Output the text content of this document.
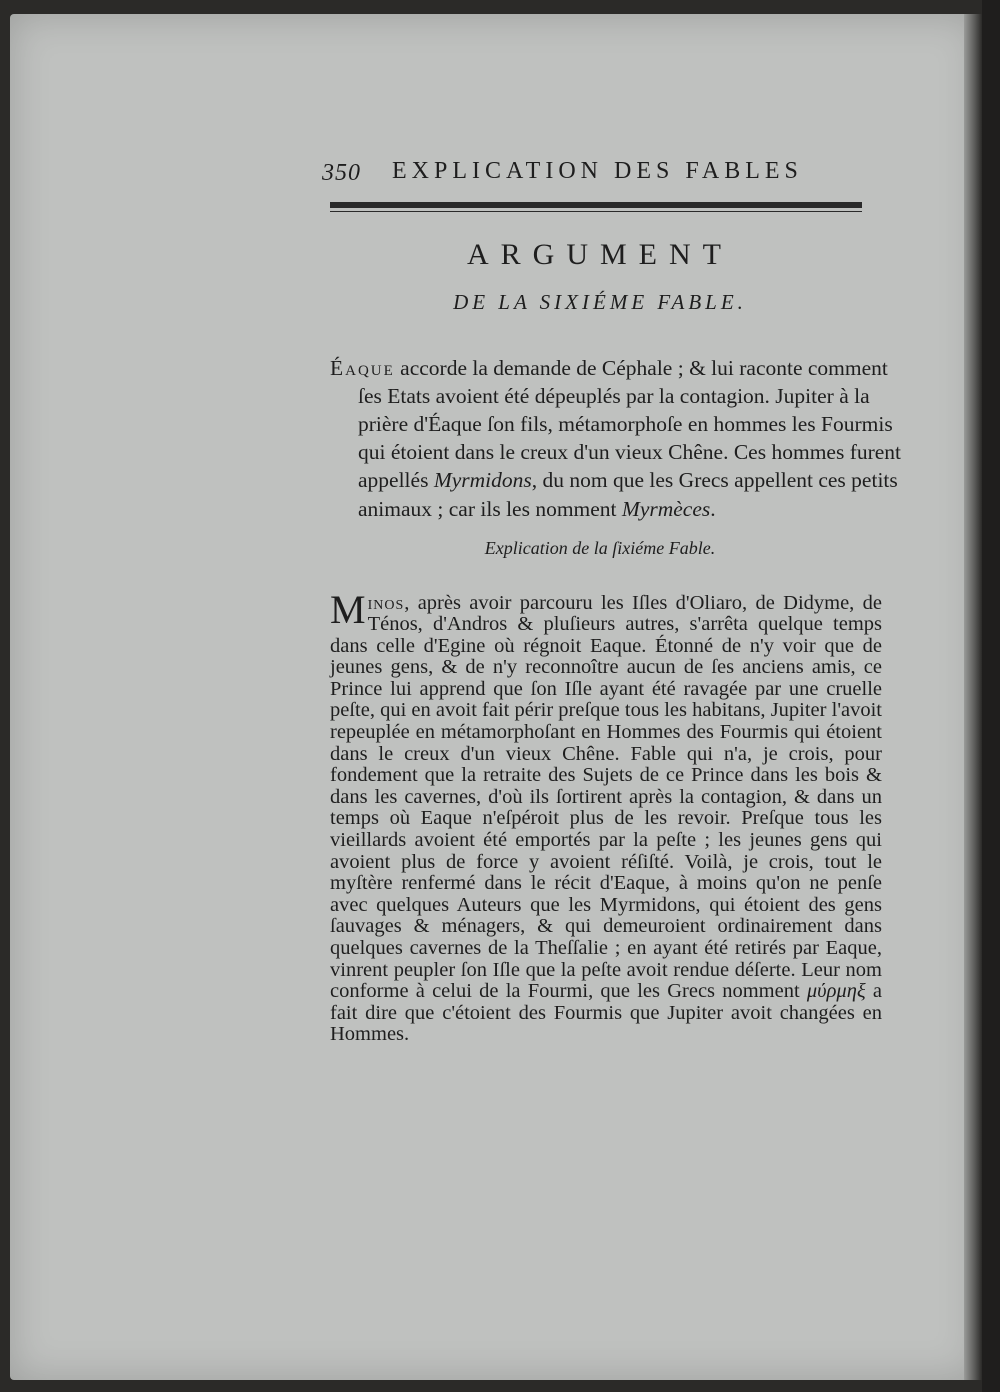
350 EXPLICATION DES FABLES
ARGUMENT
DE LA SIXIÉME FABLE.

Éaque accorde la demande de Céphale ; & lui raconte comment ſes Etats avoient été dépeuplés par la contagion. Jupiter à la prière d'Éaque ſon fils, métamorphoſe en hommes les Fourmis qui étoient dans le creux d'un vieux Chêne. Ces hommes furent appellés Myrmidons, du nom que les Grecs appellent ces petits animaux ; car ils les nomment Myrmèces.

Explication de la ſixiéme Fable.

Minos, après avoir parcouru les Iſles d'Oliaro, de Didyme, de Ténos, d'Andros & pluſieurs autres, s'arrêta quelque temps dans celle d'Egine où régnoit Eaque. Étonné de n'y voir que de jeunes gens, & de n'y reconnoître aucun de ſes anciens amis, ce Prince lui apprend que ſon Iſle ayant été ravagée par une cruelle peſte, qui en avoit fait périr preſque tous les habitans, Jupiter l'avoit repeuplée en métamorphoſant en Hommes des Fourmis qui étoient dans le creux d'un vieux Chêne. Fable qui n'a, je crois, pour fondement que la retraite des Sujets de ce Prince dans les bois & dans les cavernes, d'où ils ſortirent après la contagion, & dans un temps où Eaque n'eſpéroit plus de les revoir. Preſque tous les vieillards avoient été emportés par la peſte ; les jeunes gens qui avoient plus de force y avoient réſiſté. Voilà, je crois, tout le myſtère renfermé dans le récit d'Eaque, à moins qu'on ne penſe avec quelques Auteurs que les Myrmidons, qui étoient des gens ſauvages & ménagers, & qui demeuroient ordinairement dans quelques cavernes de la Theſſalie ; en ayant été retirés par Eaque, vinrent peupler ſon Iſle que la peſte avoit rendue déſerte. Leur nom conforme à celui de la Fourmi, que les Grecs nomment μύρμηξ a fait dire que c'étoient des Fourmis que Jupiter avoit changées en Hommes.
